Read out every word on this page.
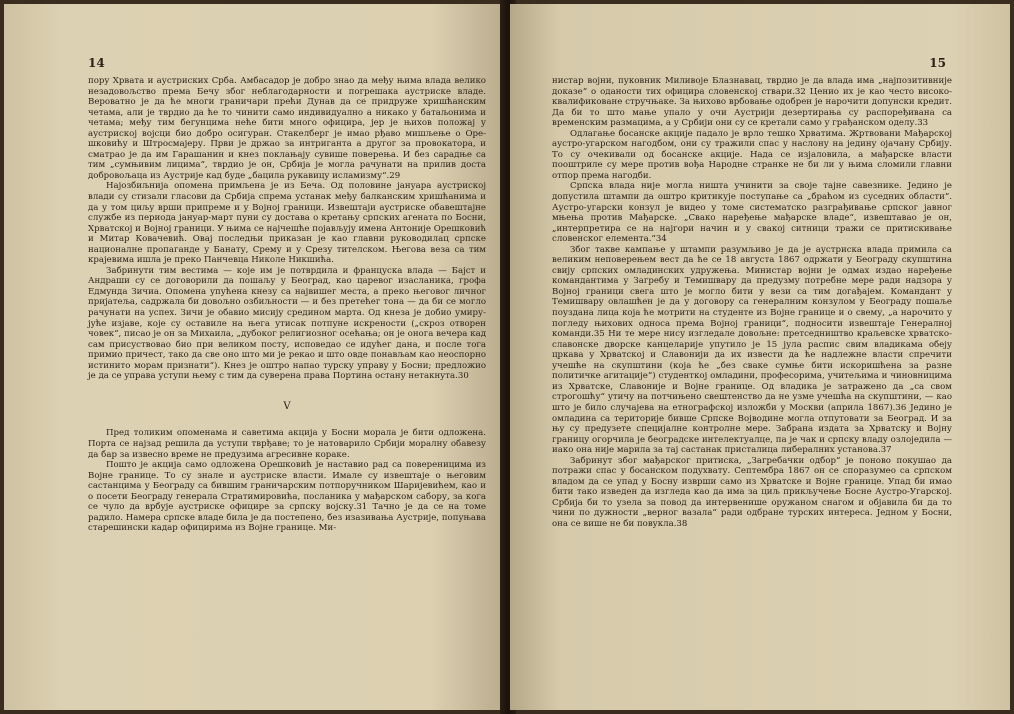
14

пору Хрвата и аустриских Срба. Амбасадор је добро знао да међу њима влада велико незадовољство према Бечу због неблагодарности и погрешака аустриске владе. Вероватно је да ће многи граничари прећи Дунав да се придруже хришћанским четама, али је тврдио да ће то чинити само индивидуално а никако у батаљонима и четама; међу тим бегунцима неће бити много официра, јер је њихов положај у аустриској војсци био добро осигуран. Стакелберг је имао рђаво мишљење о Орешковићу и Штросмајеру. Први је држао за интриганта а другог за провокатора, и сматрао је да им Гарашанин и кнез поклањају сувише поверења. И без сарадње са тим „сумњивим лицима“, тврдио је он, Србија је могла рачунати на прилив доста добровољаца из Аустрије кад буде „бацила рукавицу исламизму“.29

Најозбиљнија опомена примљена је из Беча. Од половине јануара аустриској влади су стизали гласови да Србија спрема устанак међу балканским хришћанима и да у том циљу врши припреме и у Војној граници. Извештаји аустриске обавештајне службе из периода јануар-март пуни су достава о кретању српских агената по Босни, Хрватској и Војној граници. У њима се најчешће појављују имена Антоније Орешковић и Митар Ковачевић. Овај последњи приказан је као главни руководилац српске националне пропаганде у Банату, Срему и у Срезу тителском. Његова веза са тим крајевима ишла је преко Панчевца Николе Никшића.

Забринути тим вестима — које им је потврдила и француска влада — Бајст и Андраши су се договорили да пошаљу у Београд, као царевог изасланика, грофа Едмунда Зичиа. Опомена упућена кнезу са највишег места, а преко његовог личног пријатеља, садржала би довољно озбиљности — и без претећег тона — да би се могло рачунати на успех. Зичи је обавио мисију средином марта. Од кнеза је добио умирујуће изјаве, које су оставиле на њега утисак потпуне искрености („скроз отворен човек“, писао је он за Михаила, „дубоког религиозног осећања; он је онога вечера кад сам присуствовао био при великом посту, исповедао се идућег дана, и после тога примио причест, тако да све оно што ми је рекао и што овде понављам као неоспорно истинито морам признати“). Кнез је оштро напао турску управу у Босни; предложио је да се управа уступи њему с тим да суверена права Портина остану нетакнута.30

V

Пред толиким опоменама и саветима акција у Босни морала је бити одложена. Порта се најзад решила да уступи тврђаве; то је натоварило Србији моралну обавезу да бар за извесно време не предузима агресивне кораке.

Пошто је акција само одложена Орешковић је наставио рад са повереницима из Војне границе. То су знале и аустриске власти. Имале су извештаје о његовим састанцима у Београду са бившим граничарским потпоручником Шаријевићем, као и о посети Београду генерала Стратимировића, посланика у мађарском сабору, за кога се чуло да врбује аустриске официре за српску војску.31 Тачно је да се на томе радило. Намера српске владе била је да постепено, без изазивања Аустрије, попуњава старешински кадар официрима из Војне границе. Ми-

15

нистар војни, пуковник Миливоје Блазнавац, тврдио је да влада има „најпозитивније доказе“ о оданости тих официра словенској ствари.32 Ценио их је као често висококвалификоване стручњаке. За њихово врбовање одобрен је нарочити допунски кредит. Да би то што мање упало у очи Аустрији дезертирања су распоређивана са временским размацима, а у Србији они су се кретали само у грађанском оделу.33

Одлагање босанске акције падало је врло тешко Хрватима. Жртвовани Мађарској аустро-угарском нагодбом, они су тражили спас у наслону на јединy ојачану Србију. То су очекивали од босанске акције. Нада се изјаловила, а мађарске власти пооштриле су мере против вођа Народне странке не би ли у њима сломили главни отпор према нагодби.

Српска влада није могла ништа учинити за своје тајне савезнике. Једино је допустила штампи да оштро критикује поступање са „браћом из суседних области“. Аустро-угарски конзул је видео у томе систематско разграђивање српског јавног мњења против Мађарске. „Свако наређење мађарске владе“, извештавао је он, „интерпретира се на најгори начин и у свакој ситници тражи се притискивање словенског елемента.“34

Због такве кампање у штампи разумљиво је да је аустриска влада примила са великим неповерењем вест да ће се 18 августа 1867 одржати у Београду скупштина свију српских омладинских удружења. Министар војни је одмах издао наређење командантима у Загребу и Темишвару да предузму потребне мере ради надзора у Војној граници свега што је могло бити у вези са тим догађајем. Командант у Темишвару овлашћен је да у договору са генералним конзулом у Београду пошаље поуздана лица која ће мотрити на студенте из Војне границе и о свему, „а нарочито у погледу њихових односа према Војној граници“, подносити извештаје Генералној команди.35 Ни те мере нису изгледале довољне: претседништво краљевске хрватско-славонске дворске канцеларије упутило је 15 јула распис свим владикама обеју цркава у Хрватској и Славонији да их извести да ће надлежне власти спречити учешће на скупштини (која ће „без сваке сумње бити искоришћена за разне политичке агитације“) студенткој омладини, професорима, учитељима и чиновницима из Хрватске, Славоније и Војне границе. Од владика је затражено да „са свом строгошћу“ утичу на потчињено свештенство да не узме учешћа на скупштини, — као што је било случајева на етнографској изложби у Москви (априла 1867).36 Једино је омладина са територије бивше Српске Војводине могла отпутовати за Београд. И за њу су предузете специјалне контролне мере. Забрана издата за Хрватску и Војну границу огорчила је београдске интелектуалце, па је чак и српску владу озлоједила — иако она није марила за тај састанак присталица либералних установа.37

Забринут због мађарског притиска, „Загребачки одбор“ је поново покушао да потражи спас у босанском подухвату. Септембра 1867 он се споразумео са српском владом да се упад у Босну изврши само из Хрватске и Војне границе. Упад би имао бити тако изведен да изгледа као да има за циљ прикључење Босне Аустро-Угарској. Србија би то узела за повод да интервенише оружаном снагом и објавила би да то чини по дужности „верног вазала“ ради одбране турских интереса. Једном у Босни, она се више не би повукла.38
